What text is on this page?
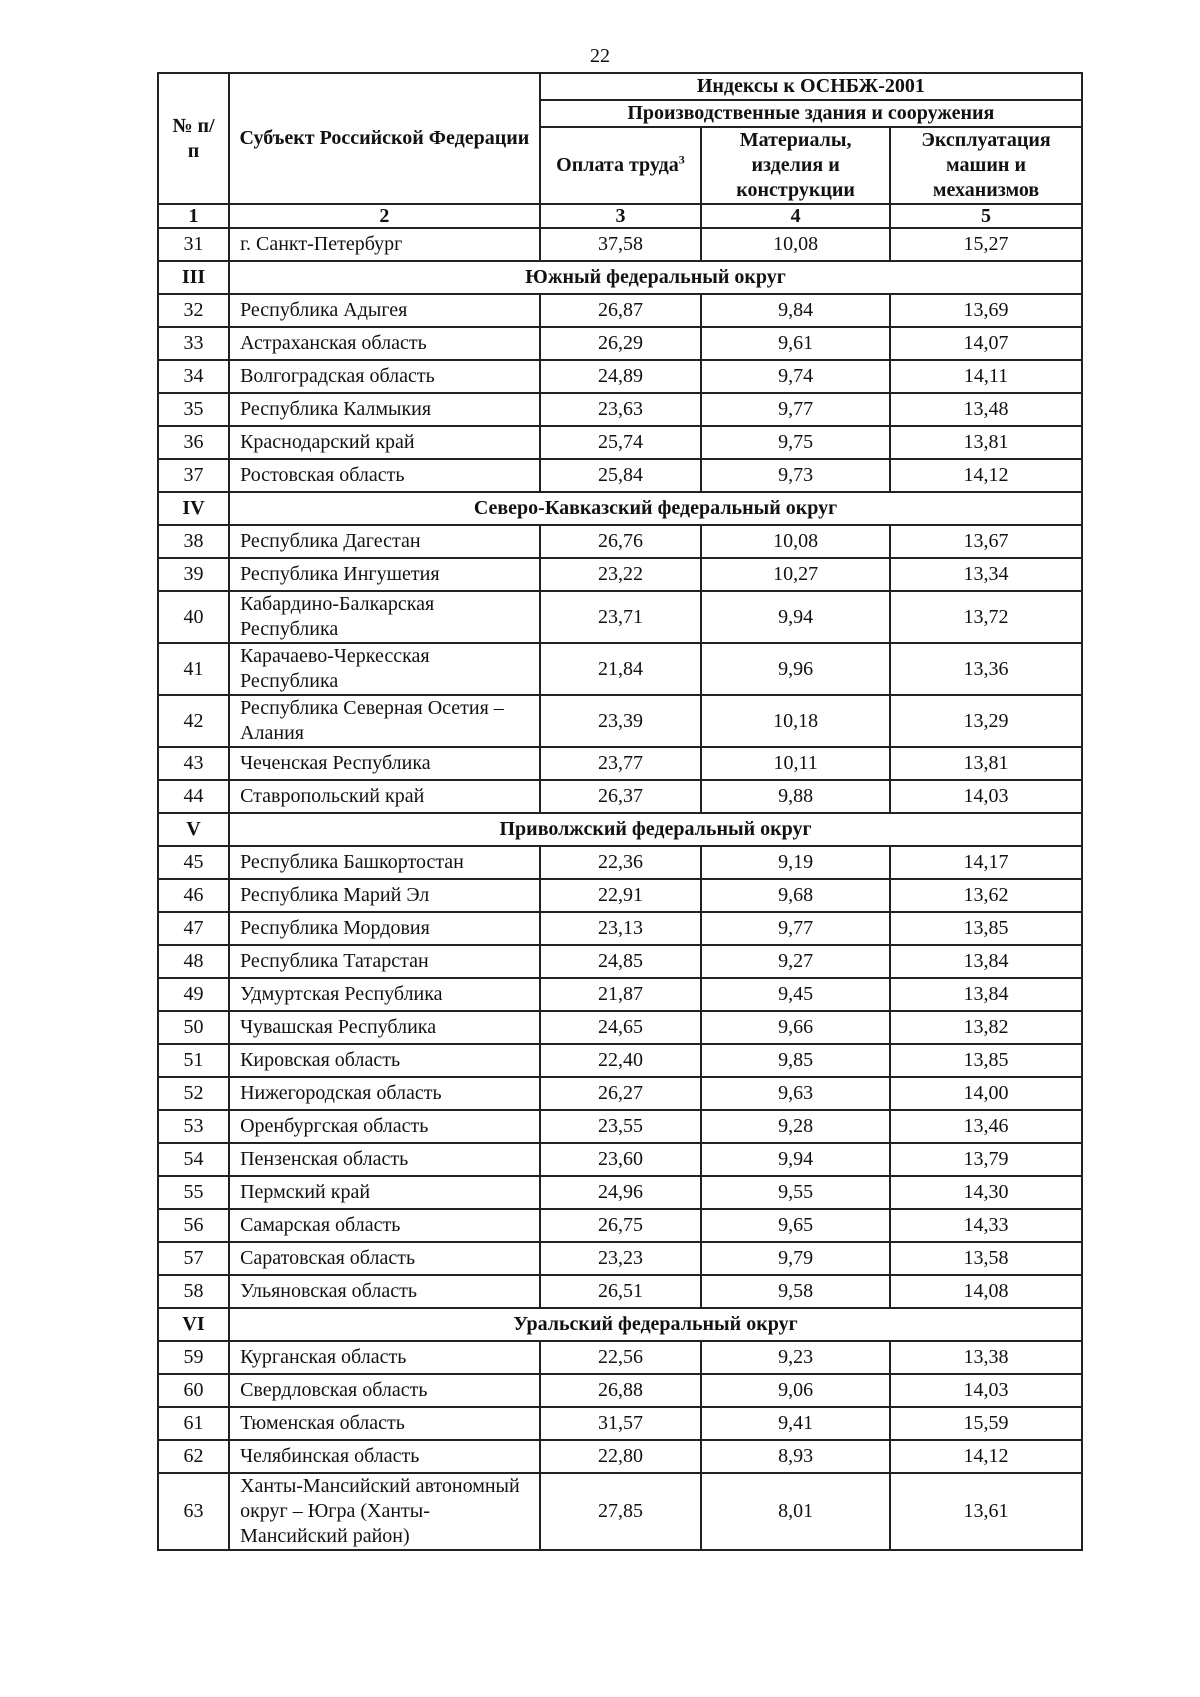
22
№ п/п	Субъект Российской Федерации	Индексы к ОСНБЖ-2001		
		Производственные здания и сооружения		
		Оплата труда$^3$	Материалы, изделия и конструкции	Эксплуатация машин и механизмов
1	2	3	4	5
31	г. Санкт-Петербург	37,58	10,08	15,27
III	Южный федеральный округ			
32	Республика Адыгея	26,87	9,84	13,69
33	Астраханская область	26,29	9,61	14,07
34	Волгоградская область	24,89	9,74	14,11
35	Республика Калмыкия	23,63	9,77	13,48
36	Краснодарский край	25,74	9,75	13,81
37	Ростовская область	25,84	9,73	14,12
IV	Северо-Кавказский федеральный округ			
38	Республика Дагестан	26,76	10,08	13,67
39	Республика Ингушетия	23,22	10,27	13,34
40	Кабардино-Балкарская Республика	23,71	9,94	13,72
41	Карачаево-Черкесская Республика	21,84	9,96	13,36
42	Республика Северная Осетия – Алания	23,39	10,18	13,29
43	Чеченская Республика	23,77	10,11	13,81
44	Ставропольский край	26,37	9,88	14,03
V	Приволжский федеральный округ			
45	Республика Башкортостан	22,36	9,19	14,17
46	Республика Марий Эл	22,91	9,68	13,62
47	Республика Мордовия	23,13	9,77	13,85
48	Республика Татарстан	24,85	9,27	13,84
49	Удмуртская Республика	21,87	9,45	13,84
50	Чувашская Республика	24,65	9,66	13,82
51	Кировская область	22,40	9,85	13,85
52	Нижегородская область	26,27	9,63	14,00
53	Оренбургская область	23,55	9,28	13,46
54	Пензенская область	23,60	9,94	13,79
55	Пермский край	24,96	9,55	14,30
56	Самарская область	26,75	9,65	14,33
57	Саратовская область	23,23	9,79	13,58
58	Ульяновская область	26,51	9,58	14,08
VI	Уральский федеральный округ			
59	Курганская область	22,56	9,23	13,38
60	Свердловская область	26,88	9,06	14,03
61	Тюменская область	31,57	9,41	15,59
62	Челябинская область	22,80	8,93	14,12
63	Ханты-Мансийский автономный округ – Югра (Ханты-Мансийский район)	27,85	8,01	13,61
